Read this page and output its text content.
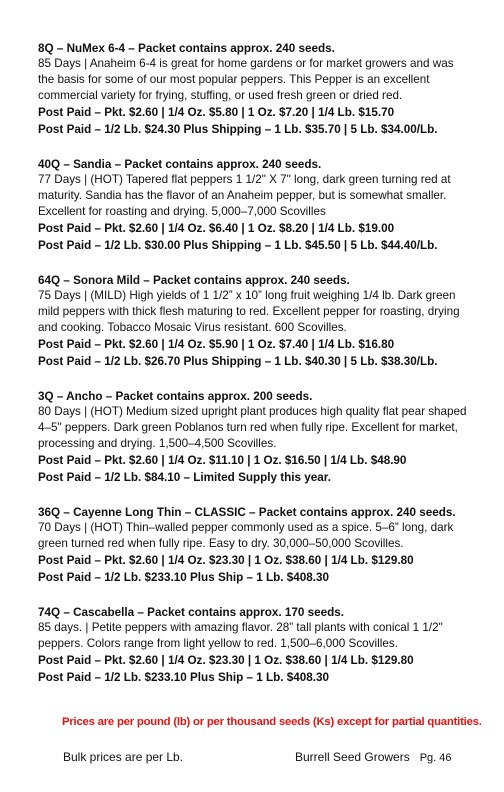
8Q – NuMex 6-4 – Packet contains approx. 240 seeds.
85 Days | Anaheim 6-4 is great for home gardens or for market growers and was the basis for some of our most popular peppers. This Pepper is an excellent commercial variety for frying, stuffing, or used fresh green or dried red.
Post Paid – Pkt. $2.60 | 1/4 Oz. $5.80 | 1 Oz. $7.20 | 1/4 Lb. $15.70
Post Paid – 1/2 Lb. $24.30 Plus Shipping – 1 Lb. $35.70 | 5 Lb. $34.00/Lb.
40Q – Sandia – Packet contains approx. 240 seeds.
77 Days | (HOT) Tapered flat peppers 1 1/2" X 7" long, dark green turning red at maturity. Sandia has the flavor of an Anaheim pepper, but is somewhat smaller. Excellent for roasting and drying. 5,000–7,000 Scovilles
Post Paid – Pkt. $2.60 | 1/4 Oz. $6.40 | 1 Oz. $8.20 | 1/4 Lb. $19.00
Post Paid – 1/2 Lb. $30.00 Plus Shipping – 1 Lb. $45.50 | 5 Lb. $44.40/Lb.
64Q – Sonora Mild – Packet contains approx. 240 seeds.
75 Days | (MILD) High yields of 1 1/2” x 10” long fruit weighing 1/4 lb. Dark green mild peppers with thick flesh maturing to red. Excellent pepper for roasting, drying and cooking. Tobacco Mosaic Virus resistant. 600 Scovilles.
Post Paid – Pkt. $2.60 | 1/4 Oz. $5.90 | 1 Oz. $7.40 | 1/4 Lb. $16.80
Post Paid – 1/2 Lb. $26.70 Plus Shipping – 1 Lb. $40.30 | 5 Lb. $38.30/Lb.
3Q – Ancho – Packet contains approx. 200 seeds.
80 Days | (HOT) Medium sized upright plant produces high quality flat pear shaped 4–5" peppers. Dark green Poblanos turn red when fully ripe. Excellent for market, processing and drying. 1,500–4,500 Scovilles.
Post Paid – Pkt. $2.60 | 1/4 Oz. $11.10 | 1 Oz. $16.50 | 1/4 Lb. $48.90
Post Paid – 1/2 Lb. $84.10 – Limited Supply this year.
36Q – Cayenne Long Thin – CLASSIC – Packet contains approx. 240 seeds.
70 Days | (HOT) Thin–walled pepper commonly used as a spice. 5–6” long, dark green turned red when fully ripe. Easy to dry. 30,000–50,000 Scovilles.
Post Paid – Pkt. $2.60 | 1/4 Oz. $23.30 | 1 Oz. $38.60 | 1/4 Lb. $129.80
Post Paid – 1/2 Lb. $233.10 Plus Ship – 1 Lb. $408.30
74Q – Cascabella – Packet contains approx. 170 seeds.
85 days. | Petite peppers with amazing flavor. 28” tall plants with conical 1 1/2" peppers. Colors range from light yellow to red. 1,500–6,000 Scovilles.
Post Paid – Pkt. $2.60 | 1/4 Oz. $23.30 | 1 Oz. $38.60 | 1/4 Lb. $129.80
Post Paid – 1/2 Lb. $233.10 Plus Ship – 1 Lb. $408.30
Prices are per pound (lb) or per thousand seeds (Ks) except for partial quantities.
Bulk prices are per Lb.	Burrell Seed Growers Pg. 46
